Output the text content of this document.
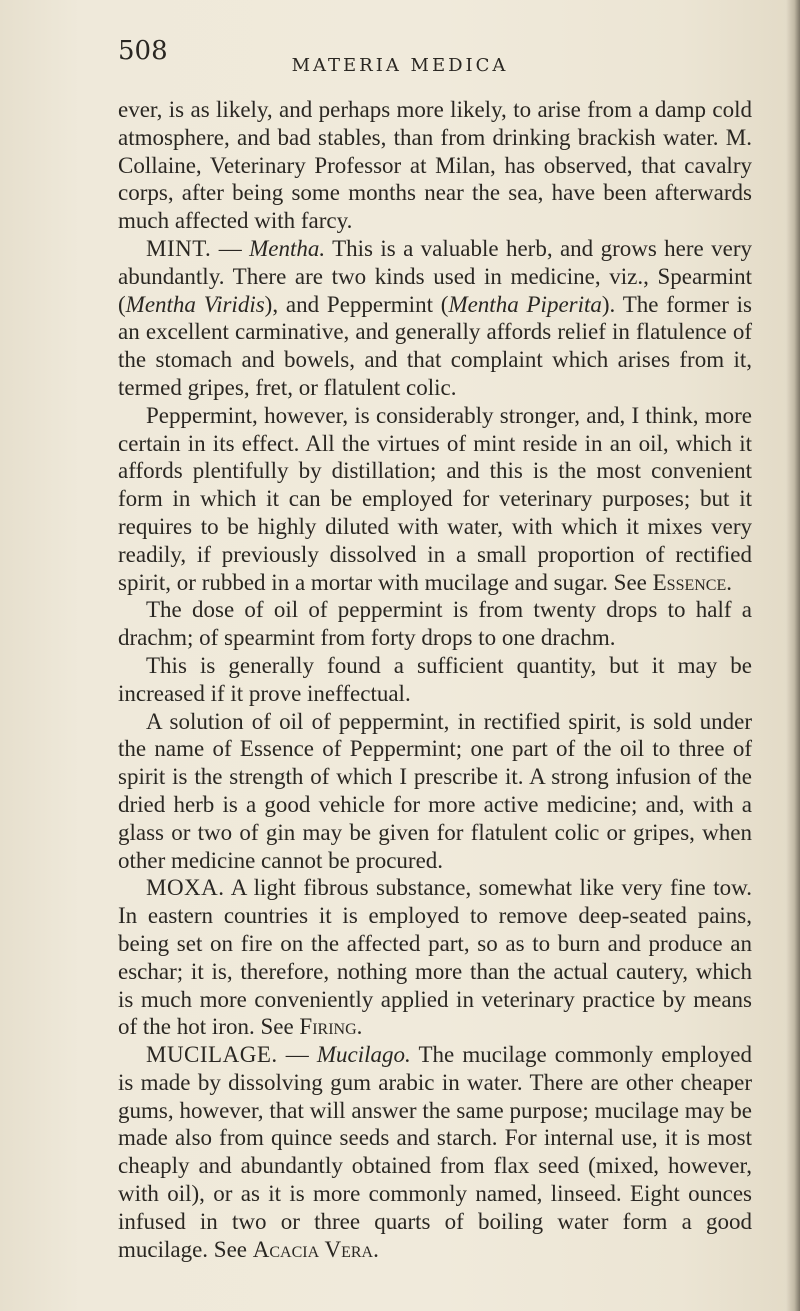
508	MATERIA MEDICA

ever, is as likely, and perhaps more likely, to arise from a damp cold atmosphere, and bad stables, than from drinking brackish water. M. Collaine, Veterinary Professor at Milan, has observed, that cavalry corps, after being some months near the sea, have been afterwards much affected with farcy.

MINT. — Mentha. This is a valuable herb, and grows here very abundantly. There are two kinds used in medicine, viz., Spearmint (Mentha Viridis), and Peppermint (Mentha Piperita). The former is an excellent carminative, and generally affords relief in flatulence of the stomach and bowels, and that complaint which arises from it, termed gripes, fret, or flatulent colic.

Peppermint, however, is considerably stronger, and, I think, more certain in its effect. All the virtues of mint reside in an oil, which it affords plentifully by distillation; and this is the most convenient form in which it can be employed for veterinary purposes; but it requires to be highly diluted with water, with which it mixes very readily, if previously dissolved in a small proportion of rectified spirit, or rubbed in a mortar with mucilage and sugar. See Essence.

The dose of oil of peppermint is from twenty drops to half a drachm; of spearmint from forty drops to one drachm.

This is generally found a sufficient quantity, but it may be increased if it prove ineffectual.

A solution of oil of peppermint, in rectified spirit, is sold under the name of Essence of Peppermint; one part of the oil to three of spirit is the strength of which I prescribe it. A strong infusion of the dried herb is a good vehicle for more active medicine; and, with a glass or two of gin may be given for flatulent colic or gripes, when other medicine cannot be procured.

MOXA. A light fibrous substance, somewhat like very fine tow. In eastern countries it is employed to remove deep-seated pains, being set on fire on the affected part, so as to burn and produce an eschar; it is, therefore, nothing more than the actual cautery, which is much more conveniently applied in veterinary practice by means of the hot iron. See Firing.

MUCILAGE. — Mucilago. The mucilage commonly employed is made by dissolving gum arabic in water. There are other cheaper gums, however, that will answer the same purpose; mucilage may be made also from quince seeds and starch. For internal use, it is most cheaply and abundantly obtained from flax seed (mixed, however, with oil), or as it is more commonly named, linseed. Eight ounces infused in two or three quarts of boiling water form a good mucilage. See Acacia Vera.
